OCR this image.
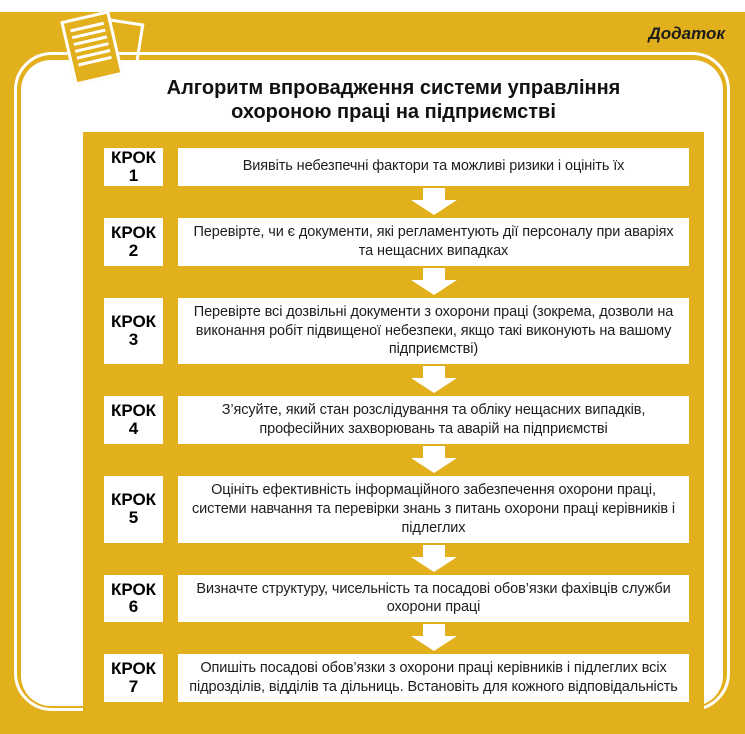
Додаток
Алгоритм впровадження системи управління
охороною праці на підприємстві
КРОК
1	Виявіть небезпечні фактори та можливі ризики і оцініть їх
КРОК
2
Перевірте, чи є документи, які регламентують дії персоналу при аваріях та нещасних випадках
КРОК
3
Перевірте всі дозвільні документи з охорони праці (зокрема, дозволи на виконання робіт підвищеної небезпеки, якщо такі виконують на вашому підприємстві)
КРОК
4
З’ясуйте, який стан розслідування та обліку нещасних випадків, професійних захворювань та аварій на підприємстві
КРОК
5
Оцініть ефективність інформаційного забезпечення охорони праці, системи навчання та перевірки знань з питань охорони праці керівників і підлеглих
КРОК
6
Визначте структуру, чисельність та посадові обов’язки фахівців служби охорони праці
КРОК
7
Опишіть посадові обов’язки з охорони праці керівників і підлеглих всіх підрозділів, відділів та дільниць. Встановіть для кожного відповідальність
